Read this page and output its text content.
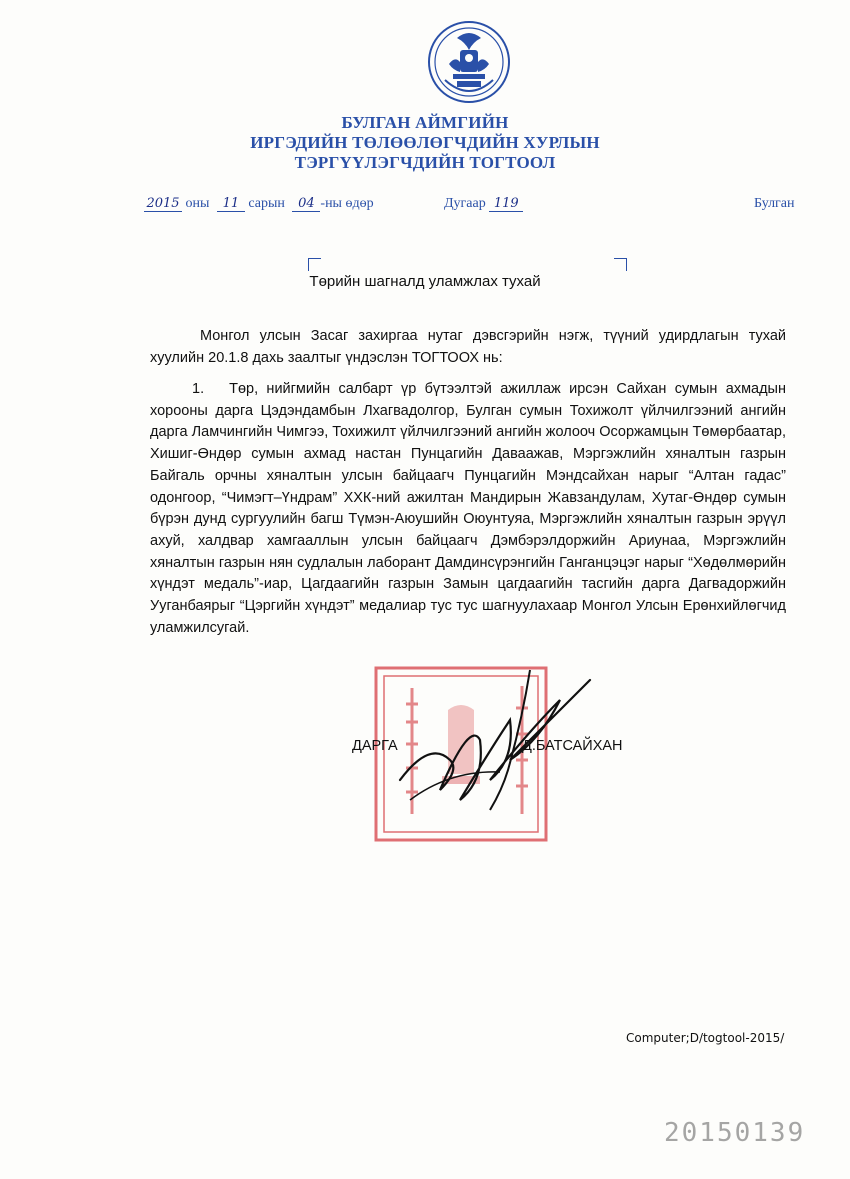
БУЛГАН АЙМГИЙН
ИРГЭДИЙН ТӨЛӨӨЛӨГЧДИЙН ХУРЛЫН
ТЭРГҮҮЛЭГЧДИЙН ТОГТООЛ
2015 оны 11 сарын 04 -ны өдөр	Дугаар 119	Булган
Төрийн шагналд уламжлах тухай

Монгол улсын Засаг захиргаа нутаг дэвсгэрийн нэгж, түүний удирдлагын тухай хуулийн 20.1.8 дахь заалтыг үндэслэн ТОГТООХ нь:

1. Төр, нийгмийн салбарт үр бүтээлтэй ажиллаж ирсэн Сайхан сумын ахмадын хорооны дарга Цэдэндамбын Лхагвадолгор, Булган сумын Тохижолт үйлчилгээний ангийн дарга Ламчингийн Чимгээ, Тохижилт үйлчилгээний ангийн жолооч Осоржамцын Төмөрбаатар, Хишиг-Өндөр сумын ахмад настан Пунцагийн Даваажав, Мэргэжлийн хяналтын газрын Байгаль орчны хяналтын улсын байцаагч Пунцагийн Мэндсайхан нарыг “Алтан гадас” одонгоор, “Чимэгт–Үндрам” ХХК-ний ажилтан Мандирын Жавзандулам, Хутаг-Өндөр сумын бүрэн дунд сургуулийн багш Түмэн-Аюушийн Оюунтуяа, Мэргэжлийн хяналтын газрын эрүүл ахуй, халдвар хамгааллын улсын байцаагч Дэмбэрэлдоржийн Ариунаа, Мэргэжлийн хяналтын газрын нян судлалын лаборант Дамдинсүрэнгийн Ганганцэцэг нарыг “Хөдөлмөрийн хүндэт медаль”-иар, Цагдаагийн газрын Замын цагдаагийн тасгийн дарга Дагвадоржийн Ууганбаярыг “Цэргийн хүндэт” медалиар тус тус шагнуулахаар Монгол Улсын Ерөнхийлөгчид уламжилсугай.

ДАРГА	Д.БАТСАЙХАН
Computer;D/togtool-2015/
20150139
